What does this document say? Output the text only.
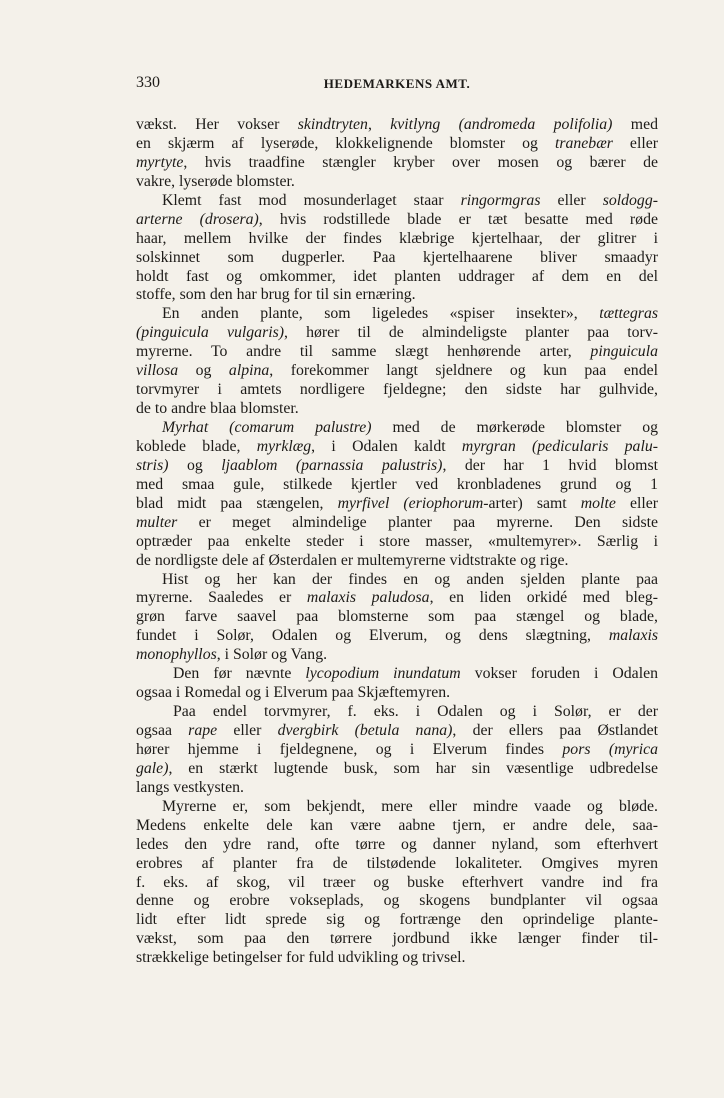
330	HEDEMARKENS AMT.
vækst. Her vokser skindtryten, kvitlyng (andromeda polifolia) med
en skjærm af lyserøde, klokkelignende blomster og tranebær eller
myrtyte, hvis traadfine stængler kryber over mosen og bærer de
vakre, lyserøde blomster.
Klemt fast mod mosunderlaget staar ringormgras eller soldogg-
arterne (drosera), hvis rodstillede blade er tæt besatte med røde
haar, mellem hvilke der findes klæbrige kjertelhaar, der glitrer i
solskinnet som dugperler. Paa kjertelhaarene bliver smaadyr
holdt fast og omkommer, idet planten uddrager af dem en del
stoffe, som den har brug for til sin ernæring.
En anden plante, som ligeledes «spiser insekter», tættegras
(pinguicula vulgaris), hører til de almindeligste planter paa torv-
myrerne. To andre til samme slægt henhørende arter, pinguicula
villosa og alpina, forekommer langt sjeldnere og kun paa endel
torvmyrer i amtets nordligere fjeldegne; den sidste har gulhvide,
de to andre blaa blomster.
Myrhat (comarum palustre) med de mørkerøde blomster og
koblede blade, myrklæg, i Odalen kaldt myrgran (pedicularis palu-
stris) og ljaablom (parnassia palustris), der har 1 hvid blomst
med smaa gule, stilkede kjertler ved kronbladenes grund og 1
blad midt paa stængelen, myrfivel (eriophorum-arter) samt molte eller
multer er meget almindelige planter paa myrerne. Den sidste
optræder paa enkelte steder i store masser, «multemyrer». Særlig i
de nordligste dele af Østerdalen er multemyrerne vidtstrakte og rige.
Hist og her kan der findes en og anden sjelden plante paa
myrerne. Saaledes er malaxis paludosa, en liden orkidé med bleg-
grøn farve saavel paa blomsterne som paa stængel og blade,
fundet i Solør, Odalen og Elverum, og dens slægtning, malaxis
monophyllos, i Solør og Vang.
Den før nævnte lycopodium inundatum vokser foruden i Odalen
ogsaa i Romedal og i Elverum paa Skjæftemyren.
Paa endel torvmyrer, f. eks. i Odalen og i Solør, er der
ogsaa rape eller dvergbirk (betula nana), der ellers paa Østlandet
hører hjemme i fjeldegnene, og i Elverum findes pors (myrica
gale), en stærkt lugtende busk, som har sin væsentlige udbredelse
langs vestkysten.
Myrerne er, som bekjendt, mere eller mindre vaade og bløde.
Medens enkelte dele kan være aabne tjern, er andre dele, saa-
ledes den ydre rand, ofte tørre og danner nyland, som efterhvert
erobres af planter fra de tilstødende lokaliteter. Omgives myren
f. eks. af skog, vil træer og buske efterhvert vandre ind fra
denne og erobre vokseplads, og skogens bundplanter vil ogsaa
lidt efter lidt sprede sig og fortrænge den oprindelige plante-
vækst, som paa den tørrere jordbund ikke længer finder til-
strækkelige betingelser for fuld udvikling og trivsel.
